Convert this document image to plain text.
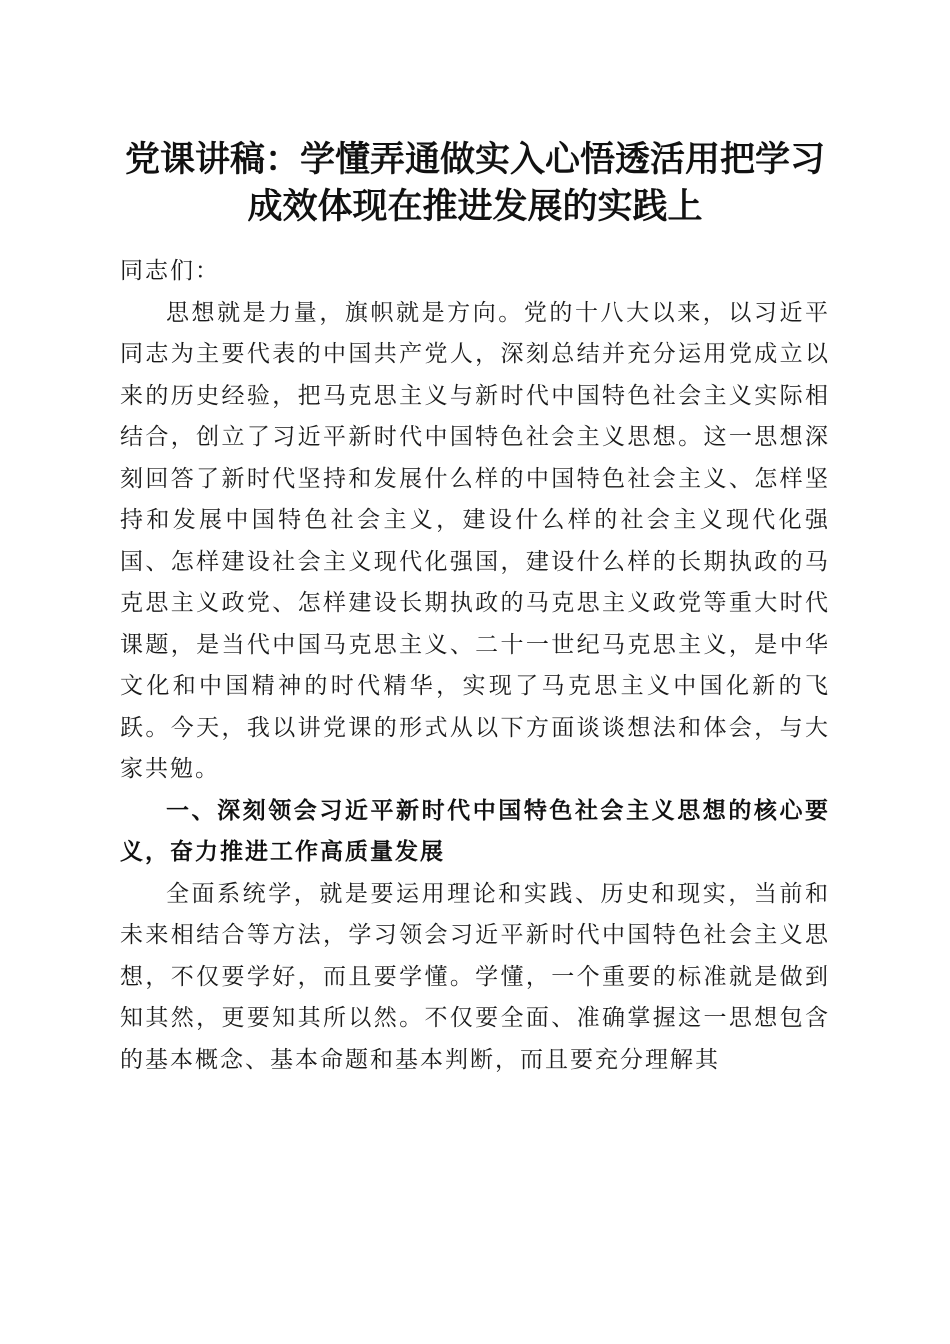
党课讲稿：学懂弄通做实入心悟透活用把学习
成效体现在推进发展的实践上

同志们：

思想就是力量，旗帜就是方向。党的十八大以来，以习近平同志为主要代表的中国共产党人，深刻总结并充分运用党成立以来的历史经验，把马克思主义与新时代中国特色社会主义实际相结合，创立了习近平新时代中国特色社会主义思想。这一思想深刻回答了新时代坚持和发展什么样的中国特色社会主义、怎样坚持和发展中国特色社会主义，建设什么样的社会主义现代化强国、怎样建设社会主义现代化强国，建设什么样的长期执政的马克思主义政党、怎样建设长期执政的马克思主义政党等重大时代课题，是当代中国马克思主义、二十一世纪马克思主义，是中华文化和中国精神的时代精华，实现了马克思主义中国化新的飞跃。今天，我以讲党课的形式从以下方面谈谈想法和体会，与大家共勉。

一、深刻领会习近平新时代中国特色社会主义思想的核心要义，奋力推进工作高质量发展

全面系统学，就是要运用理论和实践、历史和现实，当前和未来相结合等方法，学习领会习近平新时代中国特色社会主义思想，不仅要学好，而且要学懂。学懂，一个重要的标准就是做到知其然，更要知其所以然。不仅要全面、准确掌握这一思想包含的基本概念、基本命题和基本判断，而且要充分理解其
